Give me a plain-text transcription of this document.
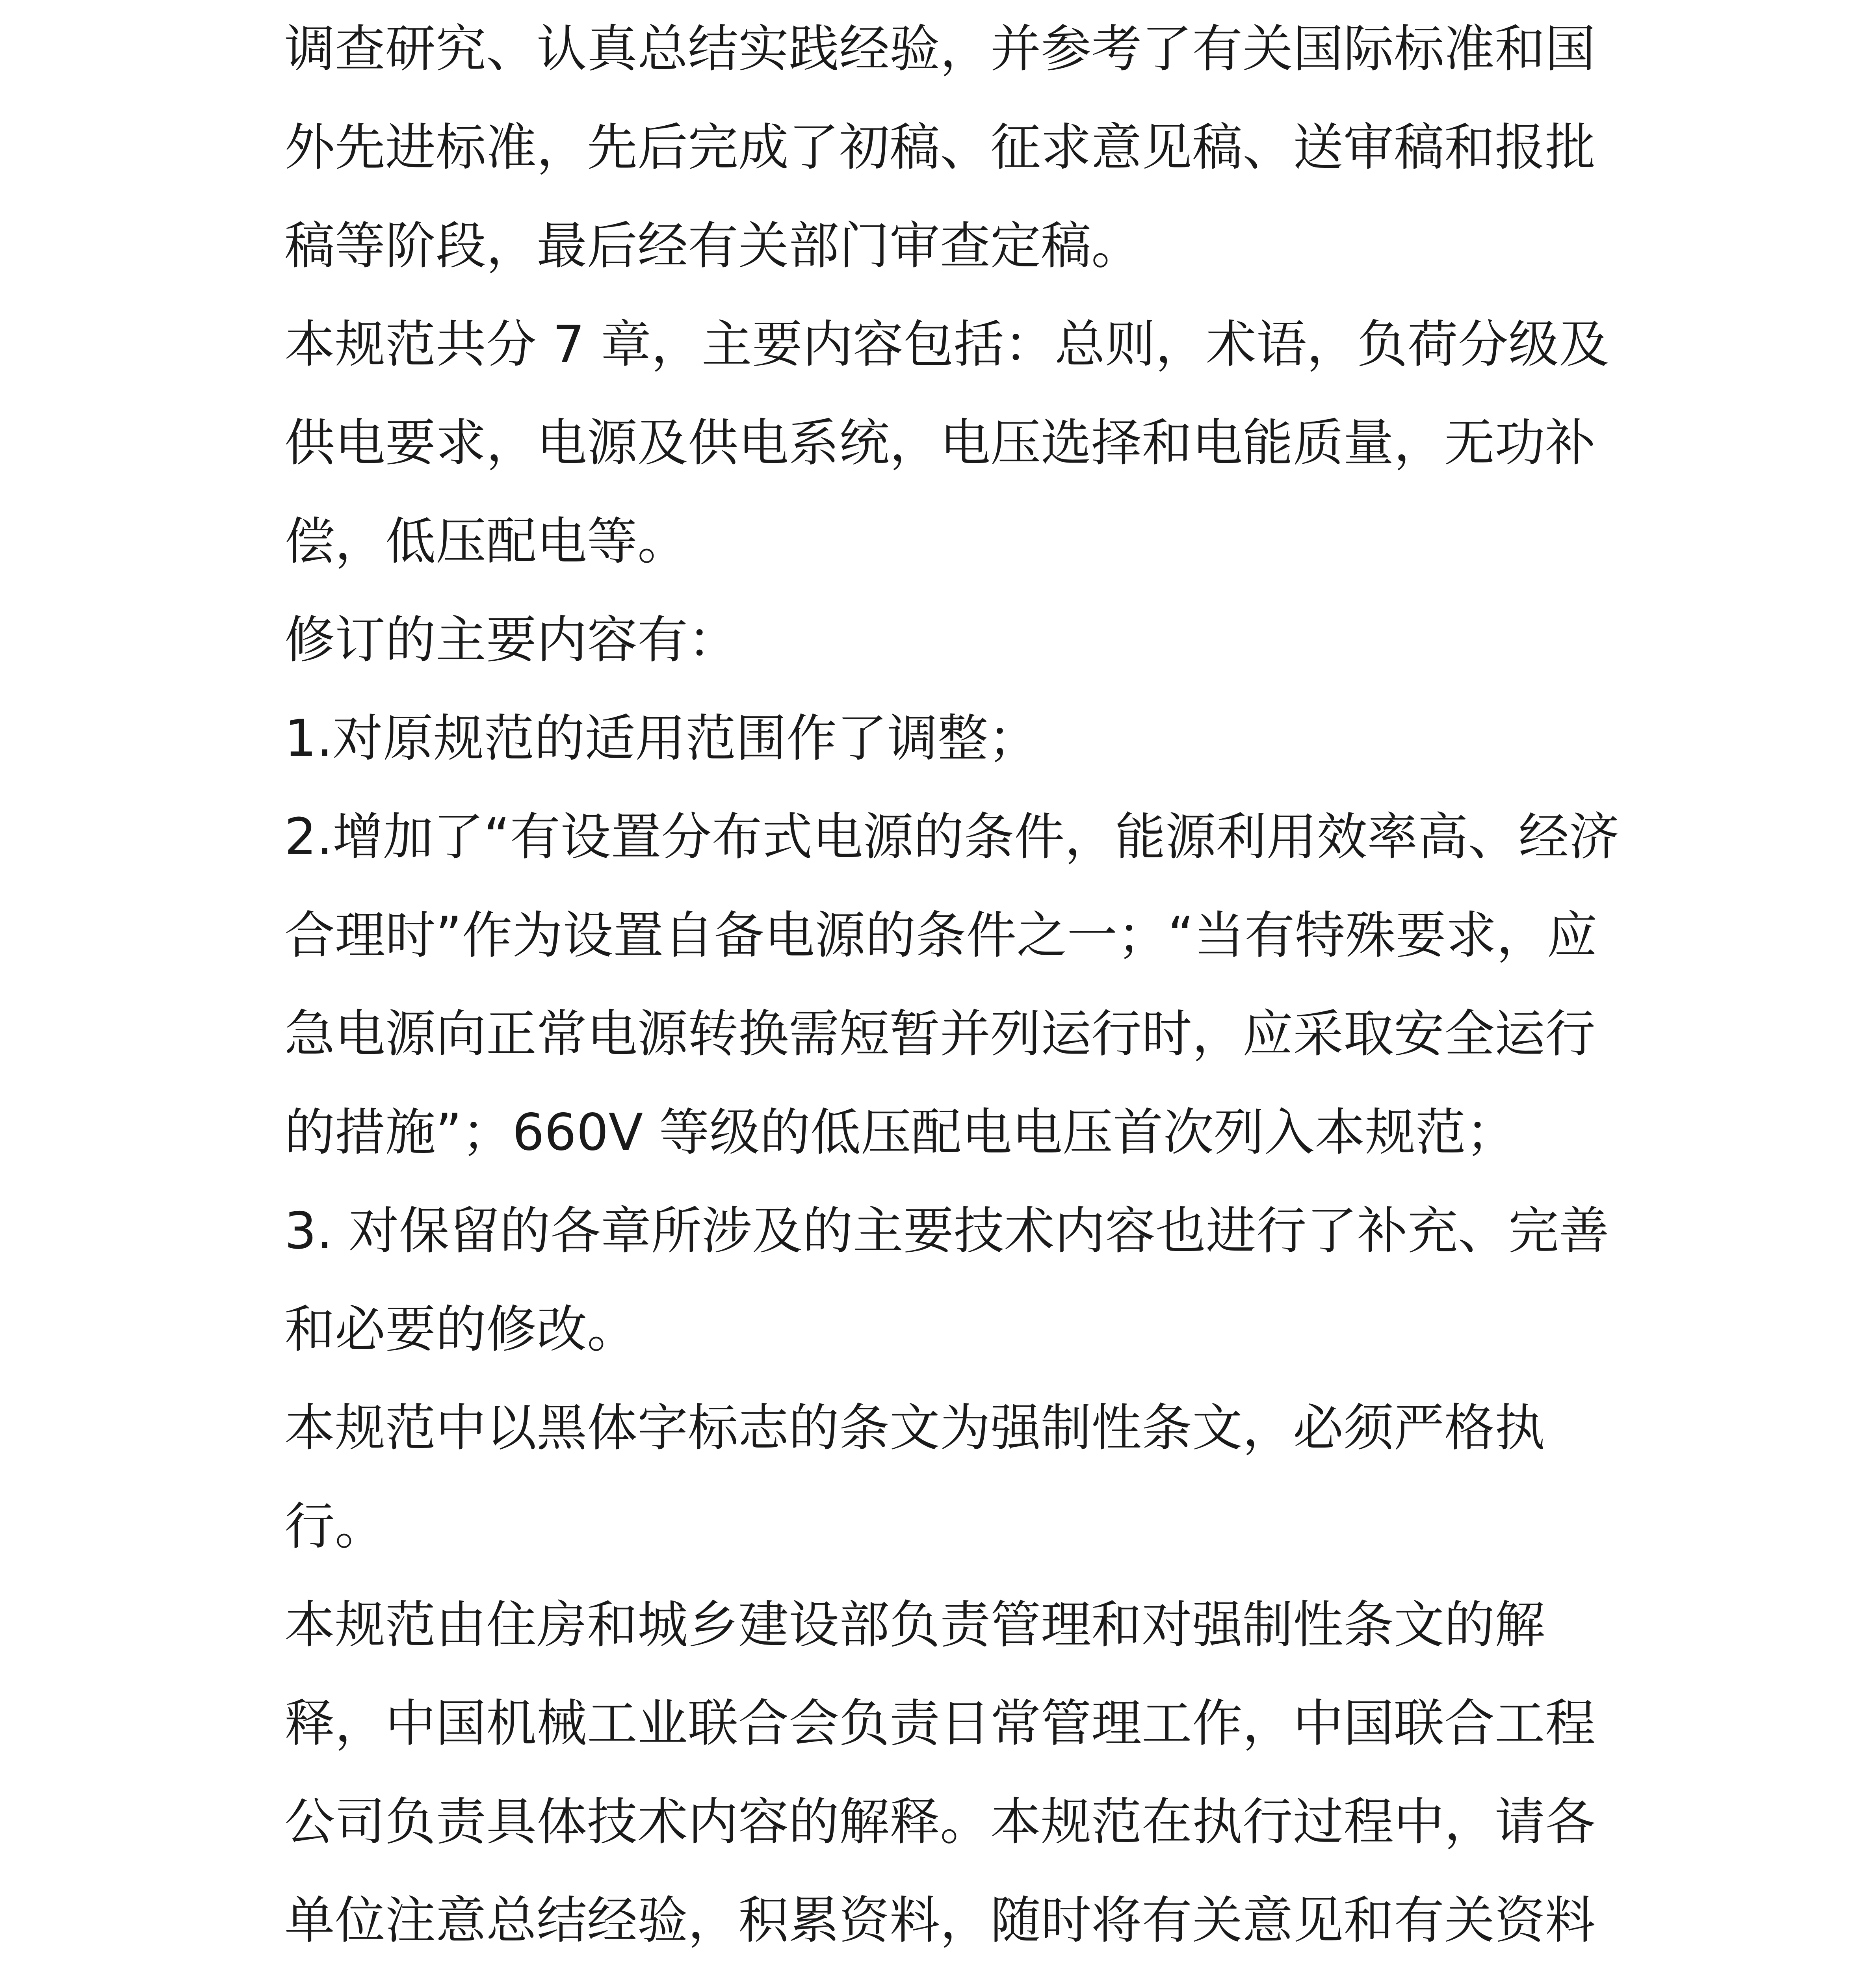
调查研究、认真总结实践经验，并参考了有关国际标准和国
外先进标准，先后完成了初稿、征求意见稿、送审稿和报批
稿等阶段，最后经有关部门审查定稿。
本规范共分 7 章，主要内容包括：总则，术语，负荷分级及
供电要求，电源及供电系统，电压选择和电能质量，无功补
偿，低压配电等。
修订的主要内容有：
1.对原规范的适用范围作了调整；
2.增加了“有设置分布式电源的条件，能源利用效率高、经济
合理时”作为设置自备电源的条件之一；“当有特殊要求，应
急电源向正常电源转换需短暂并列运行时，应采取安全运行
的措施”；660V 等级的低压配电电压首次列入本规范；
3. 对保留的各章所涉及的主要技术内容也进行了补充、完善
和必要的修改。
本规范中以黑体字标志的条文为强制性条文，必须严格执
行。
本规范由住房和城乡建设部负责管理和对强制性条文的解
释，中国机械工业联合会负责日常管理工作，中国联合工程
公司负责具体技术内容的解释。本规范在执行过程中，请各
单位注意总结经验，积累资料，随时将有关意见和有关资料
